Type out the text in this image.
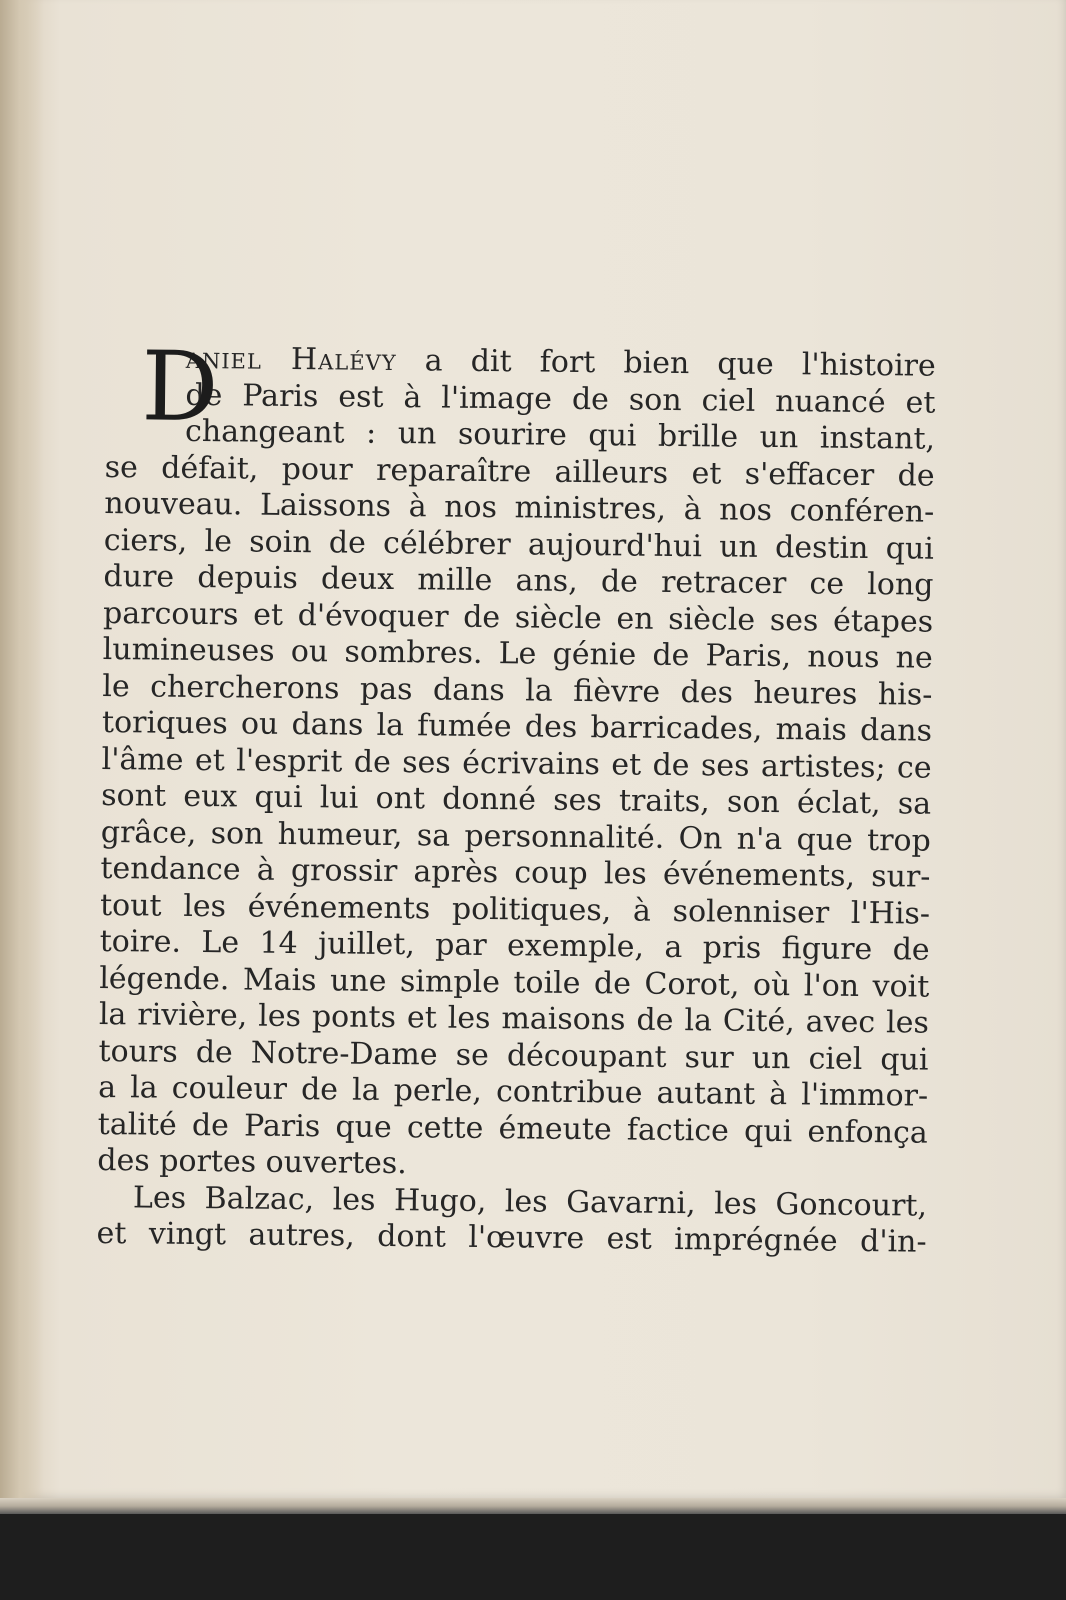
D
aniel Halévy a dit fort bien que l'histoire
de Paris est à l'image de son ciel nuancé et
changeant : un sourire qui brille un instant,
se défait, pour reparaître ailleurs et s'effacer de
nouveau. Laissons à nos ministres, à nos conféren-
ciers, le soin de célébrer aujourd'hui un destin qui
dure depuis deux mille ans, de retracer ce long
parcours et d'évoquer de siècle en siècle ses étapes
lumineuses ou sombres. Le génie de Paris, nous ne
le chercherons pas dans la fièvre des heures his-
toriques ou dans la fumée des barricades, mais dans
l'âme et l'esprit de ses écrivains et de ses artistes; ce
sont eux qui lui ont donné ses traits, son éclat, sa
grâce, son humeur, sa personnalité. On n'a que trop
tendance à grossir après coup les événements, sur-
tout les événements politiques, à solenniser l'His-
toire. Le 14 juillet, par exemple, a pris figure de
légende. Mais une simple toile de Corot, où l'on voit
la rivière, les ponts et les maisons de la Cité, avec les
tours de Notre-Dame se découpant sur un ciel qui
a la couleur de la perle, contribue autant à l'immor-
talité de Paris que cette émeute factice qui enfonça
des portes ouvertes.
Les Balzac, les Hugo, les Gavarni, les Goncourt,
et vingt autres, dont l'œuvre est imprégnée d'in-
